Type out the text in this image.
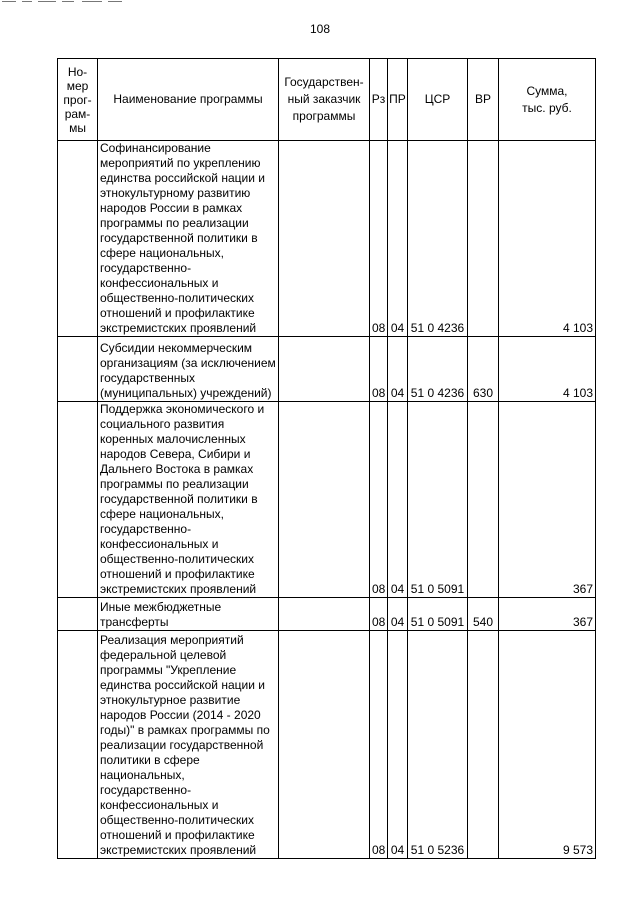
108
Но-
мер
прог-
рам-
мы	Наименование программы	Государствен-
ный заказчик
программы	Рз	ПР	ЦСР	ВР	Сумма,
тыс. руб.
	Софинансирование мероприятий по укреплению единства российской нации и этнокультурному развитию народов России в рамках программы по реализации государственной политики в сфере национальных, государственно-конфессиональных и общественно-политических отношений и профилактике экстремистских проявлений		08	04	51 0 4236		4 103
	Субсидии некоммерческим организациям (за исключением государственных (муниципальных) учреждений)		08	04	51 0 4236	630	4 103
	Поддержка экономического и социального развития коренных малочисленных народов Севера, Сибири и Дальнего Востока в рамках программы по реализации государственной политики в сфере национальных, государственно-конфессиональных и общественно-политических отношений и профилактике экстремистских проявлений		08	04	51 0 5091		367
	Иные межбюджетные трансферты		08	04	51 0 5091	540	367
	Реализация мероприятий федеральной целевой программы "Укрепление единства российской нации и этнокультурное развитие народов России (2014 - 2020 годы)" в рамках программы по реализации государственной политики в сфере национальных, государственно-конфессиональных и общественно-политических отношений и профилактике экстремистских проявлений		08	04	51 0 5236		9 573
